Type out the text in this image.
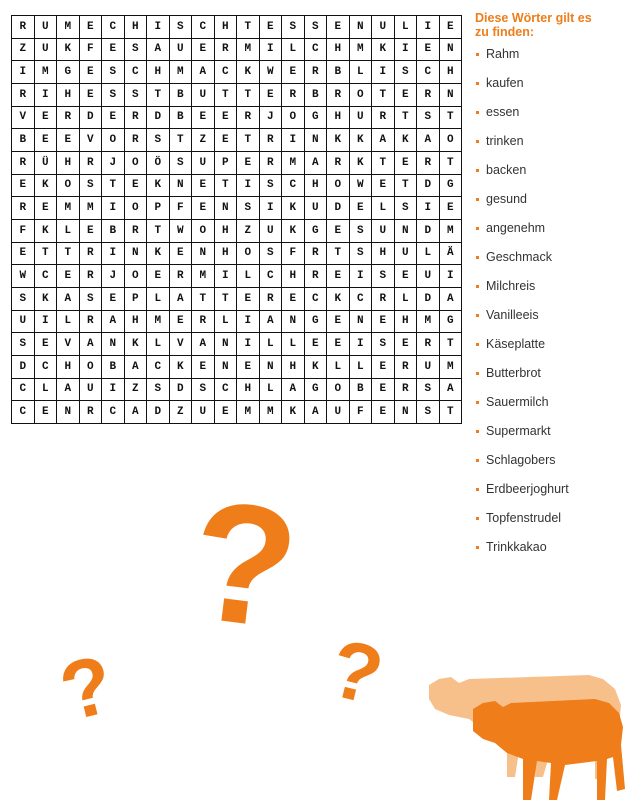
R	U	M	E	C	H	I	S	C	H	T	E	S	S	E	N	U	L	I	E
Z	U	K	F	E	S	A	U	E	R	M	I	L	C	H	M	K	I	E	N
I	M	G	E	S	C	H	M	A	C	K	W	E	R	B	L	I	S	C	H
R	I	H	E	S	S	T	B	U	T	T	E	R	B	R	O	T	E	R	N
V	E	R	D	E	R	D	B	E	E	R	J	O	G	H	U	R	T	S	T
B	E	E	V	O	R	S	T	Z	E	T	R	I	N	K	K	A	K	A	O
R	Ü	H	R	J	O	Ö	S	U	P	E	R	M	A	R	K	T	E	R	T
E	K	O	S	T	E	K	N	E	T	I	S	C	H	O	W	E	T	D	G
R	E	M	M	I	O	P	F	E	N	S	I	K	U	D	E	L	S	I	E
F	K	L	E	B	R	T	W	O	H	Z	U	K	G	E	S	U	N	D	M
E	T	T	R	I	N	K	E	N	H	O	S	F	R	T	S	H	U	L	Ä
W	C	E	R	J	O	E	R	M	I	L	C	H	R	E	I	S	E	U	I
S	K	A	S	E	P	L	A	T	T	E	R	E	C	K	C	R	L	D	A
U	I	L	R	A	H	M	E	R	L	I	A	N	G	E	N	E	H	M	G
S	E	V	A	N	K	L	V	A	N	I	L	L	E	E	I	S	E	R	T
D	C	H	O	B	A	C	K	E	N	E	N	H	K	L	L	E	R	U	M
C	L	A	U	I	Z	S	D	S	C	H	L	A	G	O	B	E	R	S	A
C	E	N	R	C	A	D	Z	U	E	M	M	K	A	U	F	E	N	S	T

Diese Wörter gilt es zu finden:

Rahm
kaufen
essen
trinken
backen
gesund
angenehm
Geschmack
Milchreis
Vanilleeis
Käseplatte
Butterbrot
Sauermilch
Supermarkt
Schlagobers
Erdbeerjoghurt
Topfenstrudel
Trinkkakao
?
? ?
